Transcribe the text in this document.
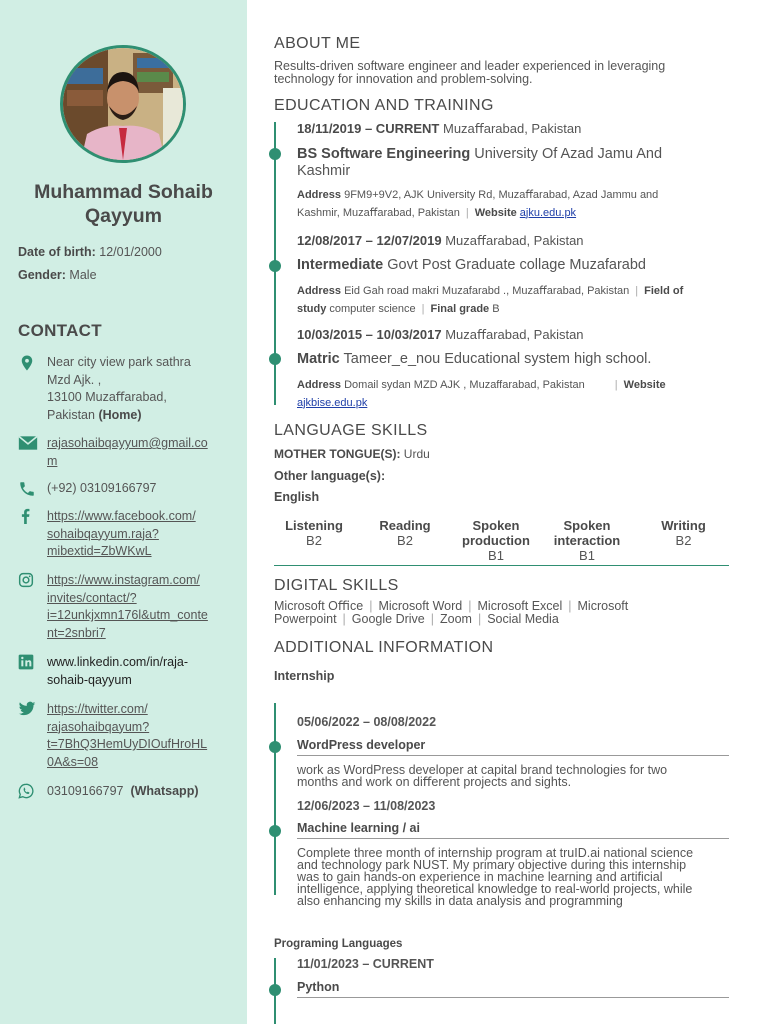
Muhammad Sohaib
Qayyum
Date of birth: 12/01/2000
Gender: Male
CONTACT
Near city view park sathra
Mzd Ajk. ,
13100 Muzaﬀarabad,
Pakistan (Home)
rajasohaibqayyum@gmail.co
m
(+92) 03109166797
https://www.facebook.com/
sohaibqayyum.raja?
mibextid=ZbWKwL
https://www.instagram.com/
invites/contact/?
i=12unkjxmn176l&utm_conte
nt=2snbri7
www.linkedin.com/in/raja-
sohaib-qayyum
https://twitter.com/
rajasohaibqayum?
t=7BhQ3HemUyDIOufHroHL
0A&s=08
03109166797 (Whatsapp)
ABOUT ME
Results-driven software engineer and leader experienced in leveraging
technology for innovation and problem-solving.
EDUCATION AND TRAINING
18/11/2019 – CURRENT Muzaﬀarabad, Pakistan
BS Software Engineering University Of Azad Jamu And
Kashmir
Address 9FM9+9V2, AJK University Rd, Muzaﬀarabad, Azad Jammu and
Kashmir, Muzaﬀarabad, Pakistan | Website ajku.edu.pk
12/08/2017 – 12/07/2019 Muzaﬀarabad, Pakistan
Intermediate Govt Post Graduate collage Muzafarabd
Address Eid Gah road makri Muzafarabd ., Muzaﬀarabad, Pakistan | Field of
study computer science | Final grade B
10/03/2015 – 10/03/2017 Muzaﬀarabad, Pakistan
Matric Tameer_e_nou Educational system high school.
Address Domail sydan MZD AJK , Muzaffarabad, Pakistan	| Website
ajkbise.edu.pk
LANGUAGE SKILLS
MOTHER TONGUE(S): Urdu
Other language(s):
English
Listening
B2
Reading
B2
Spoken
production
B1
Spoken
interaction
B1
Writing
B2
DIGITAL SKILLS
Microsoft Oﬃce | Microsoft Word | Microsoft Excel | Microsoft Powerpoint | Google Drive | Zoom | Social Media
ADDITIONAL INFORMATION
Internship
05/06/2022 – 08/08/2022
WordPress developer
work as WordPress developer at capital brand technologies for two
months and work on diﬀerent projects and sights.
12/06/2023 – 11/08/2023
Machine learning / ai
Complete three month of internship program at truID.ai national science
and technology park NUST. My primary objective during this internship
was to gain hands-on experience in machine learning and artificial
intelligence, applying theoretical knowledge to real-world projects, while
also enhancing my skills in data analysis and programming
Programing Languages
11/01/2023 – CURRENT
Python
